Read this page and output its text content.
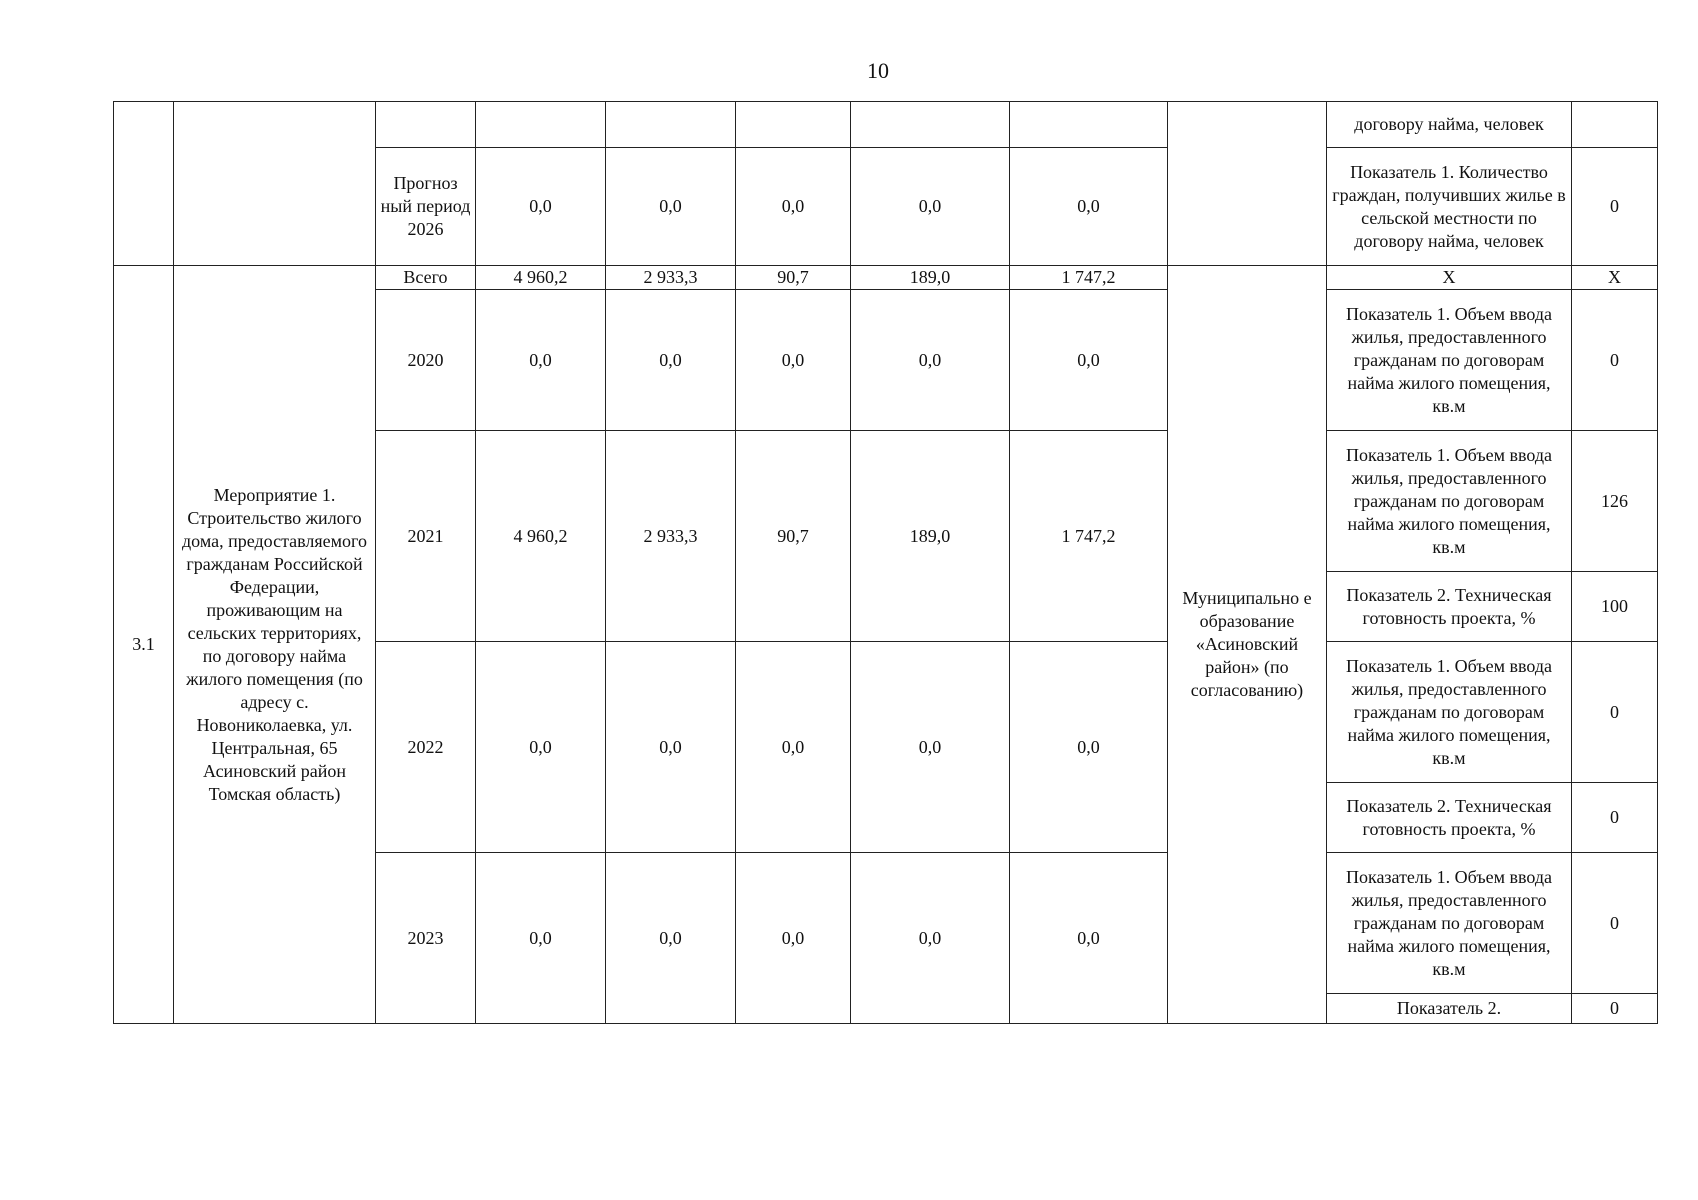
10
									договору найма, человек	
		Прогноз ный период 2026	0,0	0,0	0,0	0,0	0,0		Показатель 1. Количество граждан, получивших жилье в сельской местности по договору найма, человек	0
3.1	Мероприятие 1. Строительство жилого дома, предоставляемого гражданам Российской Федерации, проживающим на сельских территориях, по договору найма жилого помещения (по адресу с. Новониколаевка, ул. Центральная, 65 Асиновский район Томская область)	Всего	4 960,2	2 933,3	90,7	189,0	1 747,2	Муниципально е образование «Асиновский район» (по согласованию)	X	X
		2020	0,0	0,0	0,0	0,0	0,0		Показатель 1. Объем ввода жилья, предоставленного гражданам по договорам найма жилого помещения, кв.м	0
		2021	4 960,2	2 933,3	90,7	189,0	1 747,2		Показатель 1. Объем ввода жилья, предоставленного гражданам по договорам найма жилого помещения, кв.м	126
									Показатель 2. Техническая готовность проекта, %	100
		2022	0,0	0,0	0,0	0,0	0,0		Показатель 1. Объем ввода жилья, предоставленного гражданам по договорам найма жилого помещения, кв.м	0
									Показатель 2. Техническая готовность проекта, %	0
		2023	0,0	0,0	0,0	0,0	0,0		Показатель 1. Объем ввода жилья, предоставленного гражданам по договорам найма жилого помещения, кв.м	0
									Показатель 2.	0
